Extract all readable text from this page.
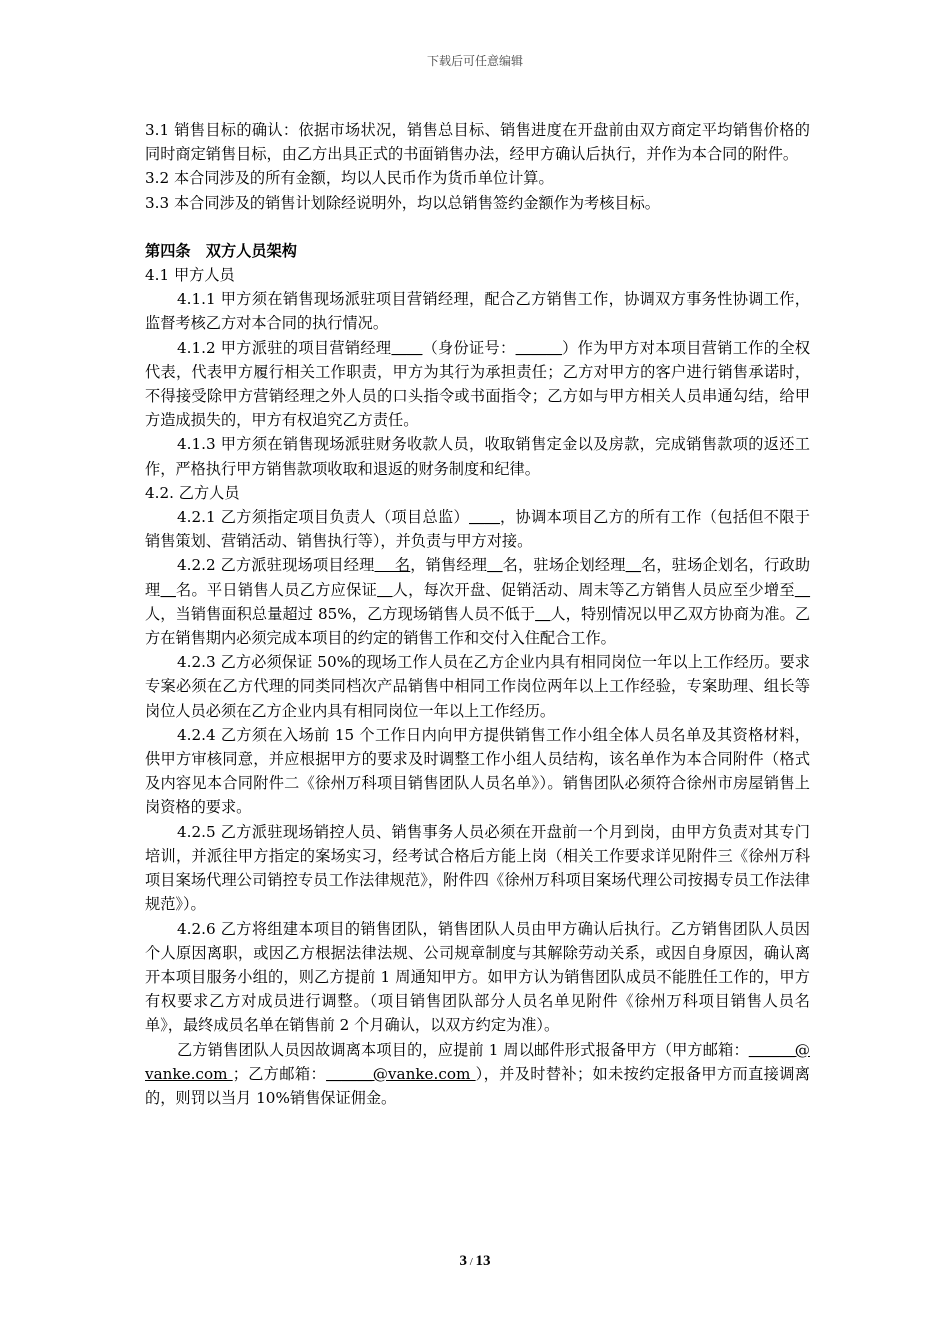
下载后可任意编辑

3.1 销售目标的确认：依据市场状况，销售总目标、销售进度在开盘前由双方商定平均销售价格的同时商定销售目标，由乙方出具正式的书面销售办法，经甲方确认后执行，并作为本合同的附件。

3.2 本合同涉及的所有金额，均以人民币作为货币单位计算。

3.3 本合同涉及的销售计划除经说明外，均以总销售签约金额作为考核目标。

第四条　双方人员架构

4.1 甲方人员

4.1.1 甲方须在销售现场派驻项目营销经理，配合乙方销售工作，协调双方事务性协调工作，监督考核乙方对本合同的执行情况。

4.1.2 甲方派驻的项目营销经理＿＿（身份证号：＿＿＿）作为甲方对本项目营销工作的全权代表，代表甲方履行相关工作职责，甲方为其行为承担责任；乙方对甲方的客户进行销售承诺时，不得接受除甲方营销经理之外人员的口头指令或书面指令；乙方如与甲方相关人员串通勾结，给甲方造成损失的，甲方有权追究乙方责任。

4.1.3 甲方须在销售现场派驻财务收款人员，收取销售定金以及房款，完成销售款项的返还工作，严格执行甲方销售款项收取和退返的财务制度和纪律。

4.2. 乙方人员

4.2.1 乙方须指定项目负责人（项目总监）＿＿，协调本项目乙方的所有工作（包括但不限于销售策划、营销活动、销售执行等），并负责与甲方对接。

4.2.2 乙方派驻现场项目经理　 名，销售经理＿名，驻场企划经理＿名，驻场企划名，行政助理＿名。平日销售人员乙方应保证＿人，每次开盘、促销活动、周末等乙方销售人员应至少增至＿人，当销售面积总量超过 85%，乙方现场销售人员不低于＿人，特别情况以甲乙双方协商为准。乙方在销售期内必须完成本项目的约定的销售工作和交付入住配合工作。

4.2.3 乙方必须保证 50%的现场工作人员在乙方企业内具有相同岗位一年以上工作经历。要求专案必须在乙方代理的同类同档次产品销售中相同工作岗位两年以上工作经验，专案助理、组长等岗位人员必须在乙方企业内具有相同岗位一年以上工作经历。

4.2.4 乙方须在入场前 15 个工作日内向甲方提供销售工作小组全体人员名单及其资格材料，供甲方审核同意，并应根据甲方的要求及时调整工作小组人员结构，该名单作为本合同附件（格式及内容见本合同附件二《徐州万科项目销售团队人员名单》）。销售团队必须符合徐州市房屋销售上岗资格的要求。

4.2.5 乙方派驻现场销控人员、销售事务人员必须在开盘前一个月到岗，由甲方负责对其专门培训，并派往甲方指定的案场实习，经考试合格后方能上岗（相关工作要求详见附件三《徐州万科项目案场代理公司销控专员工作法律规范》，附件四《徐州万科项目案场代理公司按揭专员工作法律规范》）。

4.2.6 乙方将组建本项目的销售团队，销售团队人员由甲方确认后执行。乙方销售团队人员因个人原因离职，或因乙方根据法律法规、公司规章制度与其解除劳动关系，或因自身原因，确认离开本项目服务小组的，则乙方提前 1 周通知甲方。如甲方认为销售团队成员不能胜任工作的，甲方有权要求乙方对成员进行调整。（项目销售团队部分人员名单见附件《徐州万科项目销售人员名单》，最终成员名单在销售前 2 个月确认，以双方约定为准）。

乙方销售团队人员因故调离本项目的，应提前 1 周以邮件形式报备甲方（甲方邮箱：＿＿＿@vanke.com ；乙方邮箱：＿＿＿@vanke.com ），并及时替补；如未按约定报备甲方而直接调离的，则罚以当月 10%销售保证佣金。

3 / 13
